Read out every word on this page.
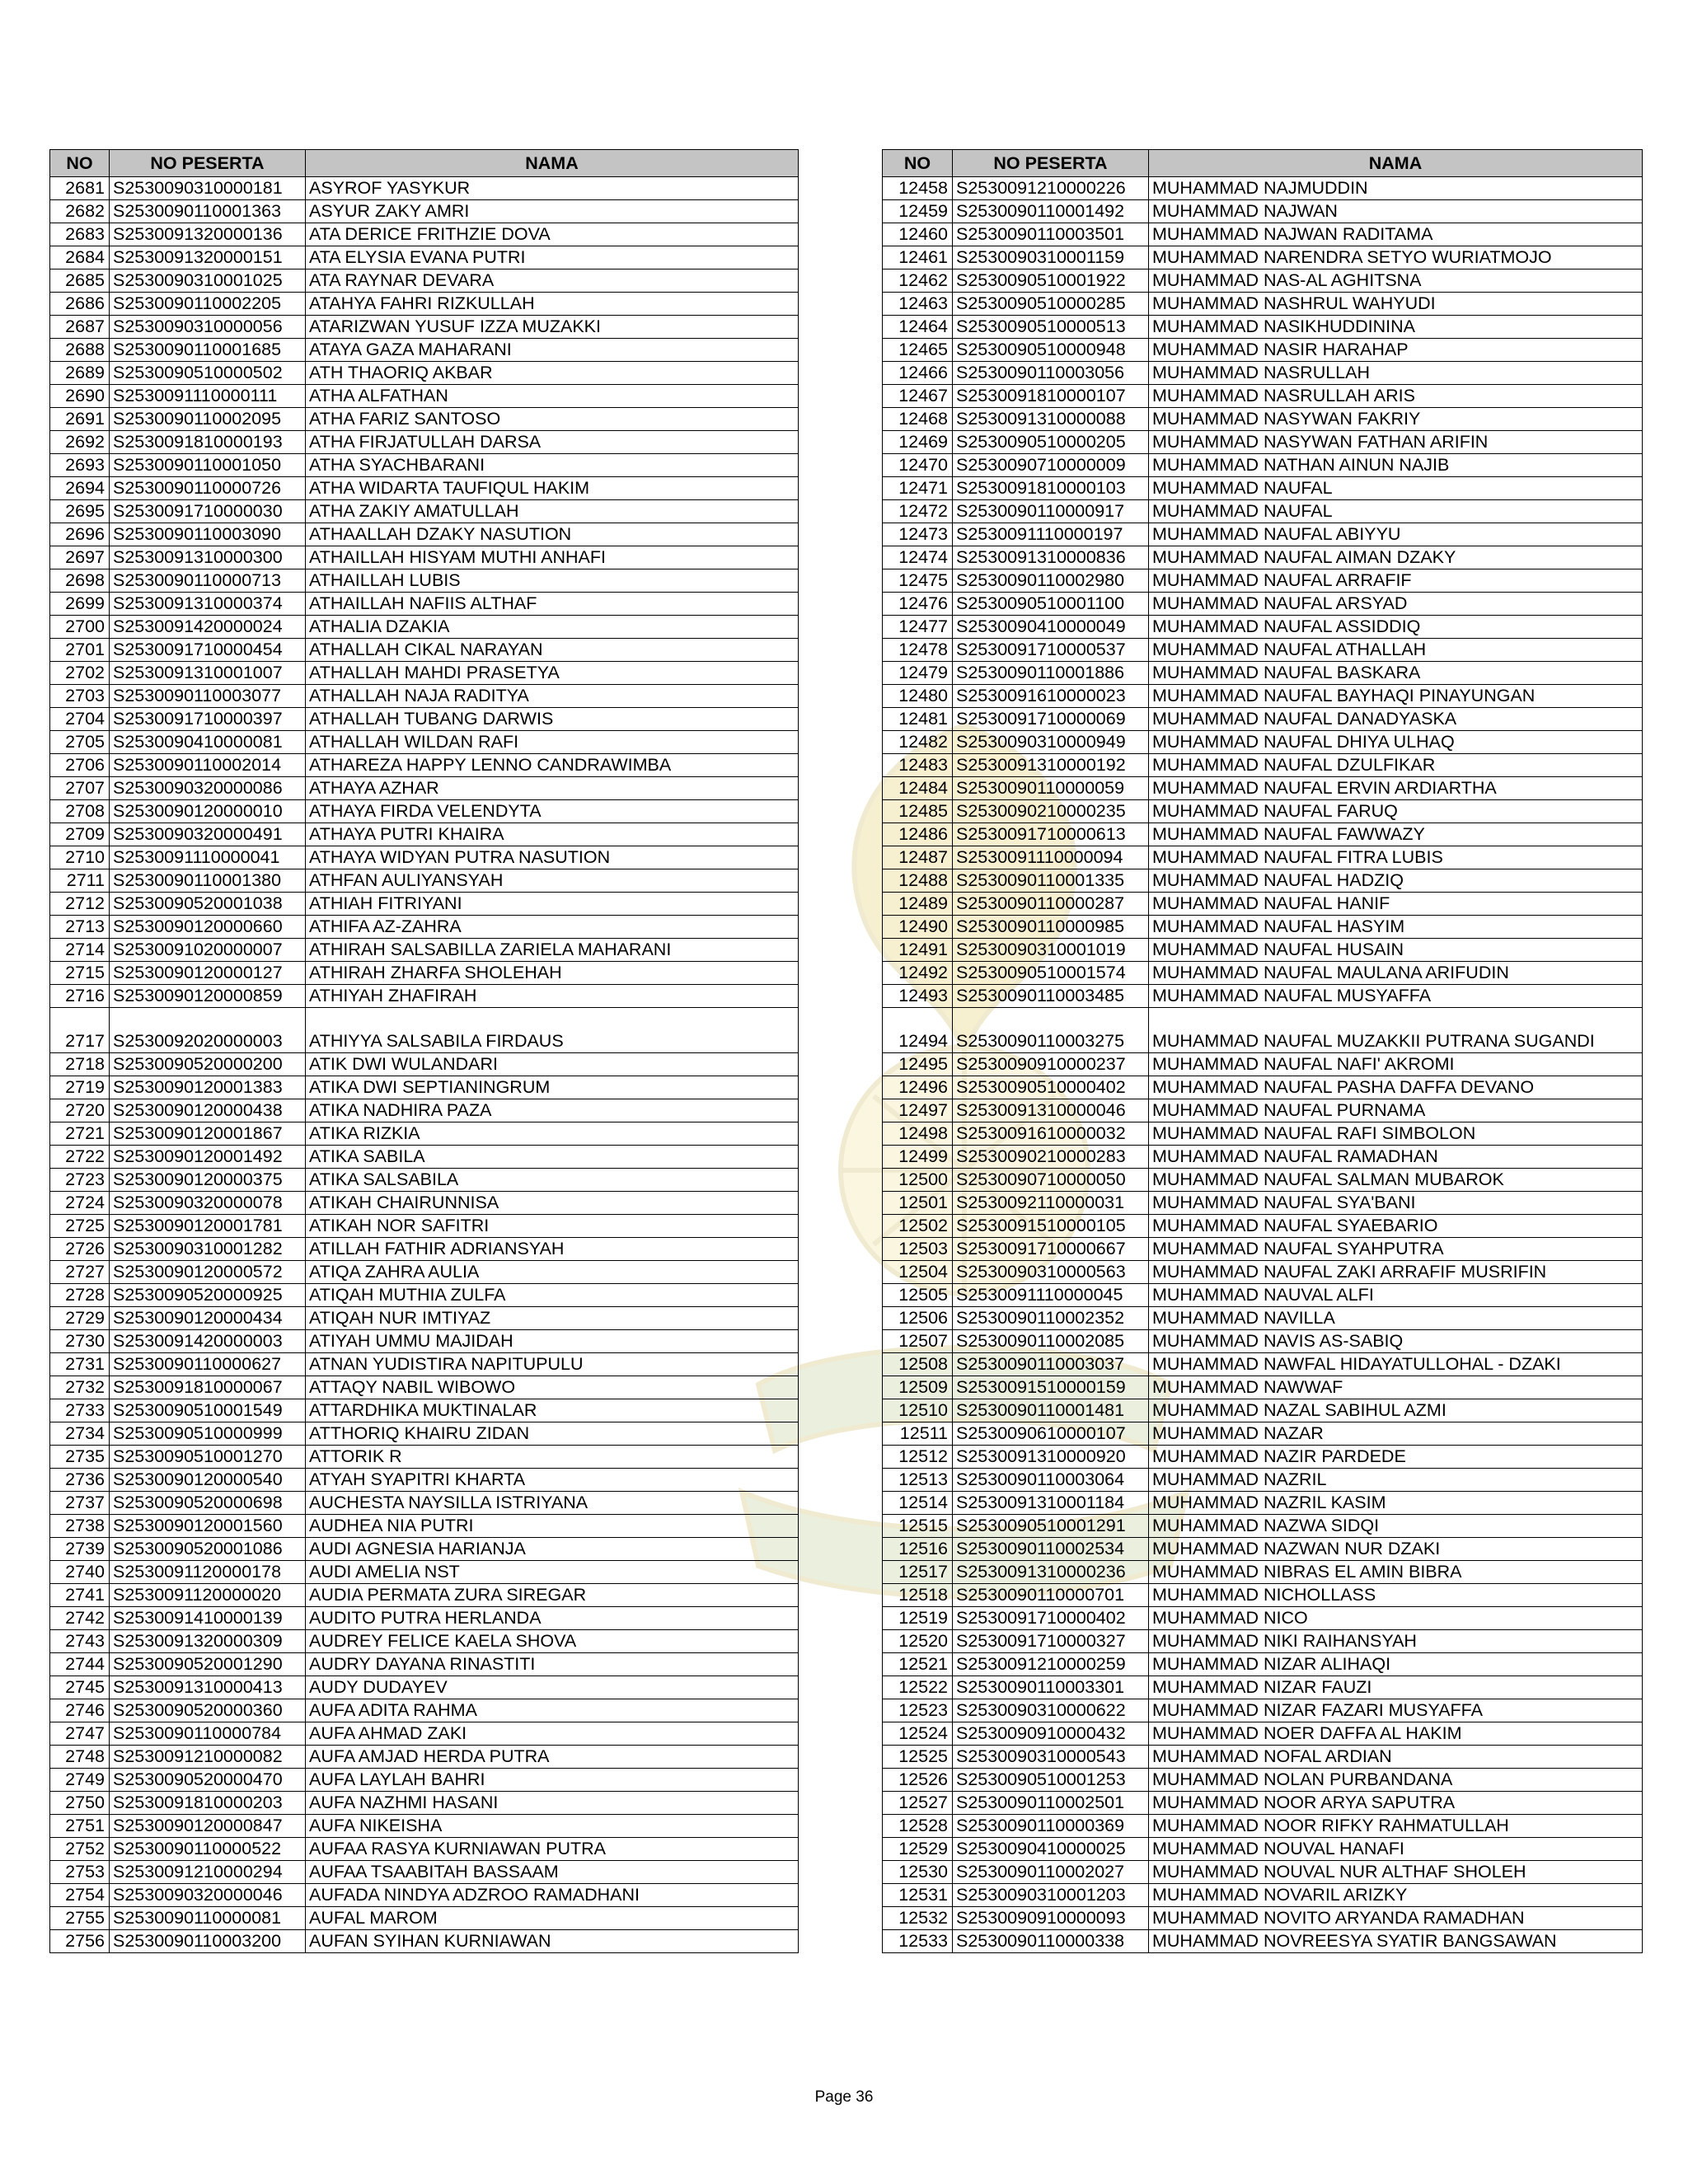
NO	NO PESERTA	NAMA
2681	S2530090310000181	ASYROF YASYKUR
2682	S2530090110001363	ASYUR ZAKY AMRI
2683	S2530091320000136	ATA DERICE FRITHZIE DOVA
2684	S2530091320000151	ATA ELYSIA EVANA PUTRI
2685	S2530090310001025	ATA RAYNAR DEVARA
2686	S2530090110002205	ATAHYA FAHRI RIZKULLAH
2687	S2530090310000056	ATARIZWAN YUSUF IZZA MUZAKKI
2688	S2530090110001685	ATAYA GAZA MAHARANI
2689	S2530090510000502	ATH THAORIQ AKBAR
2690	S2530091110000111	ATHA ALFATHAN
2691	S2530090110002095	ATHA FARIZ SANTOSO
2692	S2530091810000193	ATHA FIRJATULLAH DARSA
2693	S2530090110001050	ATHA SYACHBARANI
2694	S2530090110000726	ATHA WIDARTA TAUFIQUL HAKIM
2695	S2530091710000030	ATHA ZAKIY AMATULLAH
2696	S2530090110003090	ATHAALLAH DZAKY NASUTION
2697	S2530091310000300	ATHAILLAH HISYAM MUTHI ANHAFI
2698	S2530090110000713	ATHAILLAH LUBIS
2699	S2530091310000374	ATHAILLAH NAFIIS ALTHAF
2700	S2530091420000024	ATHALIA DZAKIA
2701	S2530091710000454	ATHALLAH CIKAL NARAYAN
2702	S2530091310001007	ATHALLAH MAHDI PRASETYA
2703	S2530090110003077	ATHALLAH NAJA RADITYA
2704	S2530091710000397	ATHALLAH TUBANG DARWIS
2705	S2530090410000081	ATHALLAH WILDAN RAFI
2706	S2530090110002014	ATHAREZA HAPPY LENNO CANDRAWIMBA
2707	S2530090320000086	ATHAYA AZHAR
2708	S2530090120000010	ATHAYA FIRDA VELENDYTA
2709	S2530090320000491	ATHAYA PUTRI KHAIRA
2710	S2530091110000041	ATHAYA WIDYAN PUTRA NASUTION
2711	S2530090110001380	ATHFAN AULIYANSYAH
2712	S2530090520001038	ATHIAH FITRIYANI
2713	S2530090120000660	ATHIFA AZ-ZAHRA
2714	S2530091020000007	ATHIRAH SALSABILLA ZARIELA MAHARANI
2715	S2530090120000127	ATHIRAH ZHARFA SHOLEHAH
2716	S2530090120000859	ATHIYAH ZHAFIRAH
2717	S2530092020000003	ATHIYYA SALSABILA FIRDAUS
2718	S2530090520000200	ATIK DWI WULANDARI
2719	S2530090120001383	ATIKA DWI SEPTIANINGRUM
2720	S2530090120000438	ATIKA NADHIRA PAZA
2721	S2530090120001867	ATIKA RIZKIA
2722	S2530090120001492	ATIKA SABILA
2723	S2530090120000375	ATIKA SALSABILA
2724	S2530090320000078	ATIKAH CHAIRUNNISA
2725	S2530090120001781	ATIKAH NOR SAFITRI
2726	S2530090310001282	ATILLAH FATHIR ADRIANSYAH
2727	S2530090120000572	ATIQA ZAHRA AULIA
2728	S2530090520000925	ATIQAH MUTHIA ZULFA
2729	S2530090120000434	ATIQAH NUR IMTIYAZ
2730	S2530091420000003	ATIYAH UMMU MAJIDAH
2731	S2530090110000627	ATNAN YUDISTIRA NAPITUPULU
2732	S2530091810000067	ATTAQY NABIL WIBOWO
2733	S2530090510001549	ATTARDHIKA MUKTINALAR
2734	S2530090510000999	ATTHORIQ KHAIRU ZIDAN
2735	S2530090510001270	ATTORIK R
2736	S2530090120000540	ATYAH SYAPITRI KHARTA
2737	S2530090520000698	AUCHESTA NAYSILLA ISTRIYANA
2738	S2530090120001560	AUDHEA NIA PUTRI
2739	S2530090520001086	AUDI AGNESIA HARIANJA
2740	S2530091120000178	AUDI AMELIA NST
2741	S2530091120000020	AUDIA PERMATA ZURA SIREGAR
2742	S2530091410000139	AUDITO PUTRA HERLANDA
2743	S2530091320000309	AUDREY FELICE KAELA SHOVA
2744	S2530090520001290	AUDRY DAYANA RINASTITI
2745	S2530091310000413	AUDY DUDAYEV
2746	S2530090520000360	AUFA ADITA RAHMA
2747	S2530090110000784	AUFA AHMAD ZAKI
2748	S2530091210000082	AUFA AMJAD HERDA PUTRA
2749	S2530090520000470	AUFA LAYLAH BAHRI
2750	S2530091810000203	AUFA NAZHMI HASANI
2751	S2530090120000847	AUFA NIKEISHA
2752	S2530090110000522	AUFAA RASYA KURNIAWAN PUTRA
2753	S2530091210000294	AUFAA TSAABITAH BASSAAM
2754	S2530090320000046	AUFADA NINDYA ADZROO RAMADHANI
2755	S2530090110000081	AUFAL MAROM
2756	S2530090110003200	AUFAN SYIHAN KURNIAWAN
NO	NO PESERTA	NAMA
12458	S2530091210000226	MUHAMMAD NAJMUDDIN
12459	S2530090110001492	MUHAMMAD NAJWAN
12460	S2530090110003501	MUHAMMAD NAJWAN RADITAMA
12461	S2530090310001159	MUHAMMAD NARENDRA SETYO WURIATMOJO
12462	S2530090510001922	MUHAMMAD NAS-AL AGHITSNA
12463	S2530090510000285	MUHAMMAD NASHRUL WAHYUDI
12464	S2530090510000513	MUHAMMAD NASIKHUDDININA
12465	S2530090510000948	MUHAMMAD NASIR HARAHAP
12466	S2530090110003056	MUHAMMAD NASRULLAH
12467	S2530091810000107	MUHAMMAD NASRULLAH ARIS
12468	S2530091310000088	MUHAMMAD NASYWAN FAKRIY
12469	S2530090510000205	MUHAMMAD NASYWAN FATHAN ARIFIN
12470	S2530090710000009	MUHAMMAD NATHAN AINUN NAJIB
12471	S2530091810000103	MUHAMMAD NAUFAL
12472	S2530090110000917	MUHAMMAD NAUFAL
12473	S2530091110000197	MUHAMMAD NAUFAL ABIYYU
12474	S2530091310000836	MUHAMMAD NAUFAL AIMAN DZAKY
12475	S2530090110002980	MUHAMMAD NAUFAL ARRAFIF
12476	S2530090510001100	MUHAMMAD NAUFAL ARSYAD
12477	S2530090410000049	MUHAMMAD NAUFAL ASSIDDIQ
12478	S2530091710000537	MUHAMMAD NAUFAL ATHALLAH
12479	S2530090110001886	MUHAMMAD NAUFAL BASKARA
12480	S2530091610000023	MUHAMMAD NAUFAL BAYHAQI PINAYUNGAN
12481	S2530091710000069	MUHAMMAD NAUFAL DANADYASKA
12482	S2530090310000949	MUHAMMAD NAUFAL DHIYA ULHAQ
12483	S2530091310000192	MUHAMMAD NAUFAL DZULFIKAR
12484	S2530090110000059	MUHAMMAD NAUFAL ERVIN ARDIARTHA
12485	S2530090210000235	MUHAMMAD NAUFAL FARUQ
12486	S2530091710000613	MUHAMMAD NAUFAL FAWWAZY
12487	S2530091110000094	MUHAMMAD NAUFAL FITRA LUBIS
12488	S2530090110001335	MUHAMMAD NAUFAL HADZIQ
12489	S2530090110000287	MUHAMMAD NAUFAL HANIF
12490	S2530090110000985	MUHAMMAD NAUFAL HASYIM
12491	S2530090310001019	MUHAMMAD NAUFAL HUSAIN
12492	S2530090510001574	MUHAMMAD NAUFAL MAULANA ARIFUDIN
12493	S2530090110003485	MUHAMMAD NAUFAL MUSYAFFA
12494	S2530090110003275	MUHAMMAD NAUFAL MUZAKKII PUTRANA SUGANDI
12495	S2530090910000237	MUHAMMAD NAUFAL NAFI' AKROMI
12496	S2530090510000402	MUHAMMAD NAUFAL PASHA DAFFA DEVANO
12497	S2530091310000046	MUHAMMAD NAUFAL PURNAMA
12498	S2530091610000032	MUHAMMAD NAUFAL RAFI SIMBOLON
12499	S2530090210000283	MUHAMMAD NAUFAL RAMADHAN
12500	S2530090710000050	MUHAMMAD NAUFAL SALMAN MUBAROK
12501	S2530092110000031	MUHAMMAD NAUFAL SYA'BANI
12502	S2530091510000105	MUHAMMAD NAUFAL SYAEBARIO
12503	S2530091710000667	MUHAMMAD NAUFAL SYAHPUTRA
12504	S2530090310000563	MUHAMMAD NAUFAL ZAKI ARRAFIF MUSRIFIN
12505	S2530091110000045	MUHAMMAD NAUVAL ALFI
12506	S2530090110002352	MUHAMMAD NAVILLA
12507	S2530090110002085	MUHAMMAD NAVIS AS-SABIQ
12508	S2530090110003037	MUHAMMAD NAWFAL HIDAYATULLOHAL - DZAKI
12509	S2530091510000159	MUHAMMAD NAWWAF
12510	S2530090110001481	MUHAMMAD NAZAL SABIHUL AZMI
12511	S2530090610000107	MUHAMMAD NAZAR
12512	S2530091310000920	MUHAMMAD NAZIR PARDEDE
12513	S2530090110003064	MUHAMMAD NAZRIL
12514	S2530091310001184	MUHAMMAD NAZRIL KASIM
12515	S2530090510001291	MUHAMMAD NAZWA SIDQI
12516	S2530090110002534	MUHAMMAD NAZWAN NUR DZAKI
12517	S2530091310000236	MUHAMMAD NIBRAS EL AMIN BIBRA
12518	S2530090110000701	MUHAMMAD NICHOLLASS
12519	S2530091710000402	MUHAMMAD NICO
12520	S2530091710000327	MUHAMMAD NIKI RAIHANSYAH
12521	S2530091210000259	MUHAMMAD NIZAR ALIHAQI
12522	S2530090110003301	MUHAMMAD NIZAR FAUZI
12523	S2530090310000622	MUHAMMAD NIZAR FAZARI MUSYAFFA
12524	S2530090910000432	MUHAMMAD NOER DAFFA AL HAKIM
12525	S2530090310000543	MUHAMMAD NOFAL ARDIAN
12526	S2530090510001253	MUHAMMAD NOLAN PURBANDANA
12527	S2530090110002501	MUHAMMAD NOOR ARYA SAPUTRA
12528	S2530090110000369	MUHAMMAD NOOR RIFKY RAHMATULLAH
12529	S2530090410000025	MUHAMMAD NOUVAL HANAFI
12530	S2530090110002027	MUHAMMAD NOUVAL NUR ALTHAF SHOLEH
12531	S2530090310001203	MUHAMMAD NOVARIL ARIZKY
12532	S2530090910000093	MUHAMMAD NOVITO ARYANDA RAMADHAN
12533	S2530090110000338	MUHAMMAD NOVREESYA SYATIR BANGSAWAN
Page 36
